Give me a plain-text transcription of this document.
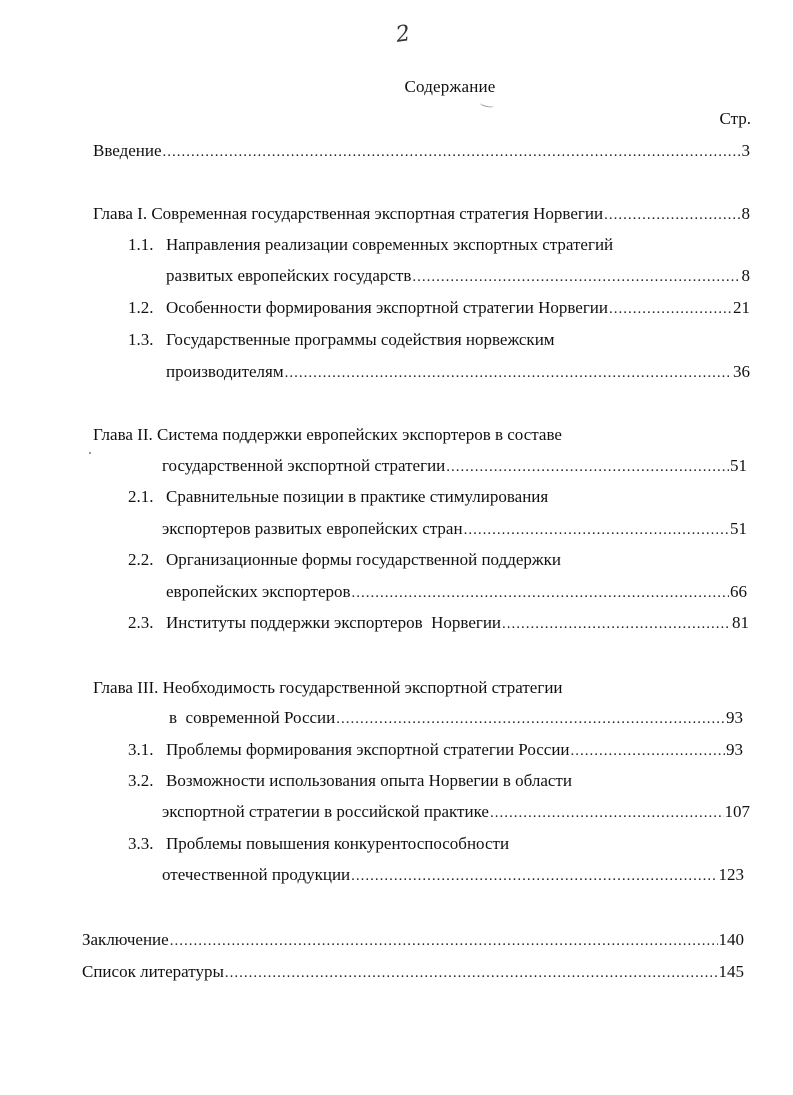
2
Содержание
Стр.
Введение .....	3
Глава I. Современная государственная экспортная стратегия Норвегии .....	8
1.1. Направления реализации современных экспортных стратегий
развитых европейских государств .....	8
1.2. Особенности формирования экспортной стратегии Норвегии .....	21
1.3. Государственные программы содействия норвежским
производителям .....	36
Глава II. Система поддержки европейских экспортеров в составе
государственной экспортной стратегии .....	51
2.1. Сравнительные позиции в практике стимулирования
экспортеров развитых европейских стран .....	51
2.2. Организационные формы государственной поддержки
европейских экспортеров .....	66
2.3. Институты поддержки экспортеров  Норвегии .....	81
Глава III. Необходимость государственной экспортной стратегии
в  современной России .....	93
3.1. Проблемы формирования экспортной стратегии России .....	93
3.2. Возможности использования опыта Норвегии в области
экспортной стратегии в российской практике .....	107
3.3. Проблемы повышения конкурентоспособности
отечественной продукции .....	123
Заключение .....	140
Список литературы .....	145
